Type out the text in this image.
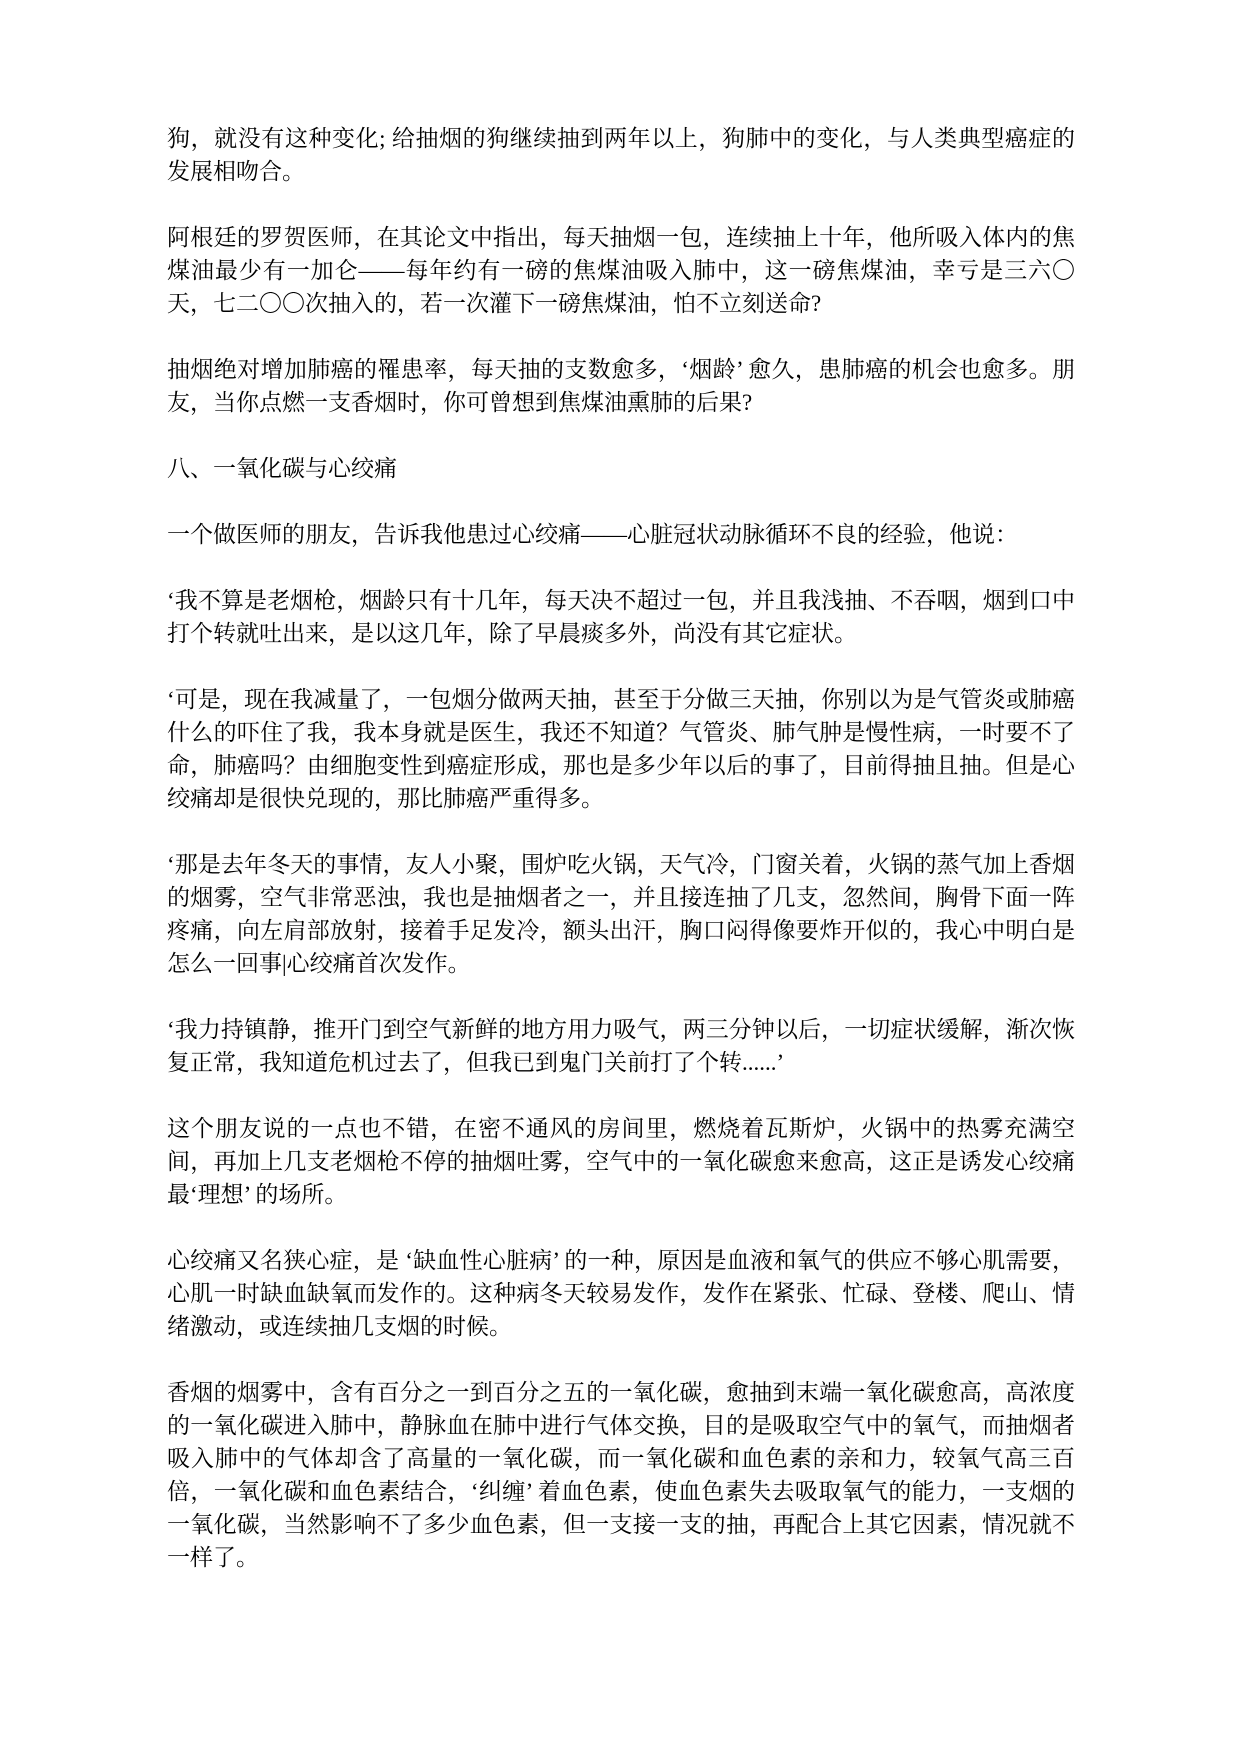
狗，就没有这种变化; 给抽烟的狗继续抽到两年以上，狗肺中的变化，与人类典型癌症的发展相吻合。

阿根廷的罗贺医师，在其论文中指出，每天抽烟一包，连续抽上十年，他所吸入体内的焦煤油最少有一加仑——每年约有一磅的焦煤油吸入肺中，这一磅焦煤油，幸亏是三六〇天，七二〇〇次抽入的，若一次灌下一磅焦煤油，怕不立刻送命?

抽烟绝对增加肺癌的罹患率，每天抽的支数愈多，‘烟龄’ 愈久，患肺癌的机会也愈多。朋友，当你点燃一支香烟时，你可曾想到焦煤油熏肺的后果?

八、一氧化碳与心绞痛

一个做医师的朋友，告诉我他患过心绞痛——心脏冠状动脉循环不良的经验，他说：

‘我不算是老烟枪，烟龄只有十几年，每天决不超过一包，并且我浅抽、不吞咽，烟到口中打个转就吐出来，是以这几年，除了早晨痰多外，尚没有其它症状。

‘可是，现在我减量了，一包烟分做两天抽，甚至于分做三天抽，你别以为是气管炎或肺癌什么的吓住了我，我本身就是医生，我还不知道？气管炎、肺气肿是慢性病，一时要不了命，肺癌吗？由细胞变性到癌症形成，那也是多少年以后的事了，目前得抽且抽。但是心绞痛却是很快兑现的，那比肺癌严重得多。

‘那是去年冬天的事情，友人小聚，围炉吃火锅，天气冷，门窗关着，火锅的蒸气加上香烟的烟雾，空气非常恶浊，我也是抽烟者之一，并且接连抽了几支，忽然间，胸骨下面一阵疼痛，向左肩部放射，接着手足发冷，额头出汗，胸口闷得像要炸开似的，我心中明白是怎么一回事|心绞痛首次发作。

‘我力持镇静，推开门到空气新鲜的地方用力吸气，两三分钟以后，一切症状缓解，渐次恢复正常，我知道危机过去了，但我已到鬼门关前打了个转......’

这个朋友说的一点也不错，在密不通风的房间里，燃烧着瓦斯炉，火锅中的热雾充满空间，再加上几支老烟枪不停的抽烟吐雾，空气中的一氧化碳愈来愈高，这正是诱发心绞痛最‘理想’ 的场所。

心绞痛又名狭心症，是 ‘缺血性心脏病’ 的一种，原因是血液和氧气的供应不够心肌需要，心肌一时缺血缺氧而发作的。这种病冬天较易发作，发作在紧张、忙碌、登楼、爬山、情绪激动，或连续抽几支烟的时候。

香烟的烟雾中，含有百分之一到百分之五的一氧化碳，愈抽到末端一氧化碳愈高，高浓度的一氧化碳进入肺中，静脉血在肺中进行气体交换，目的是吸取空气中的氧气，而抽烟者吸入肺中的气体却含了高量的一氧化碳，而一氧化碳和血色素的亲和力，较氧气高三百倍，一氧化碳和血色素结合，‘纠缠’ 着血色素，使血色素失去吸取氧气的能力，一支烟的一氧化碳，当然影响不了多少血色素，但一支接一支的抽，再配合上其它因素，情况就不一样了。
